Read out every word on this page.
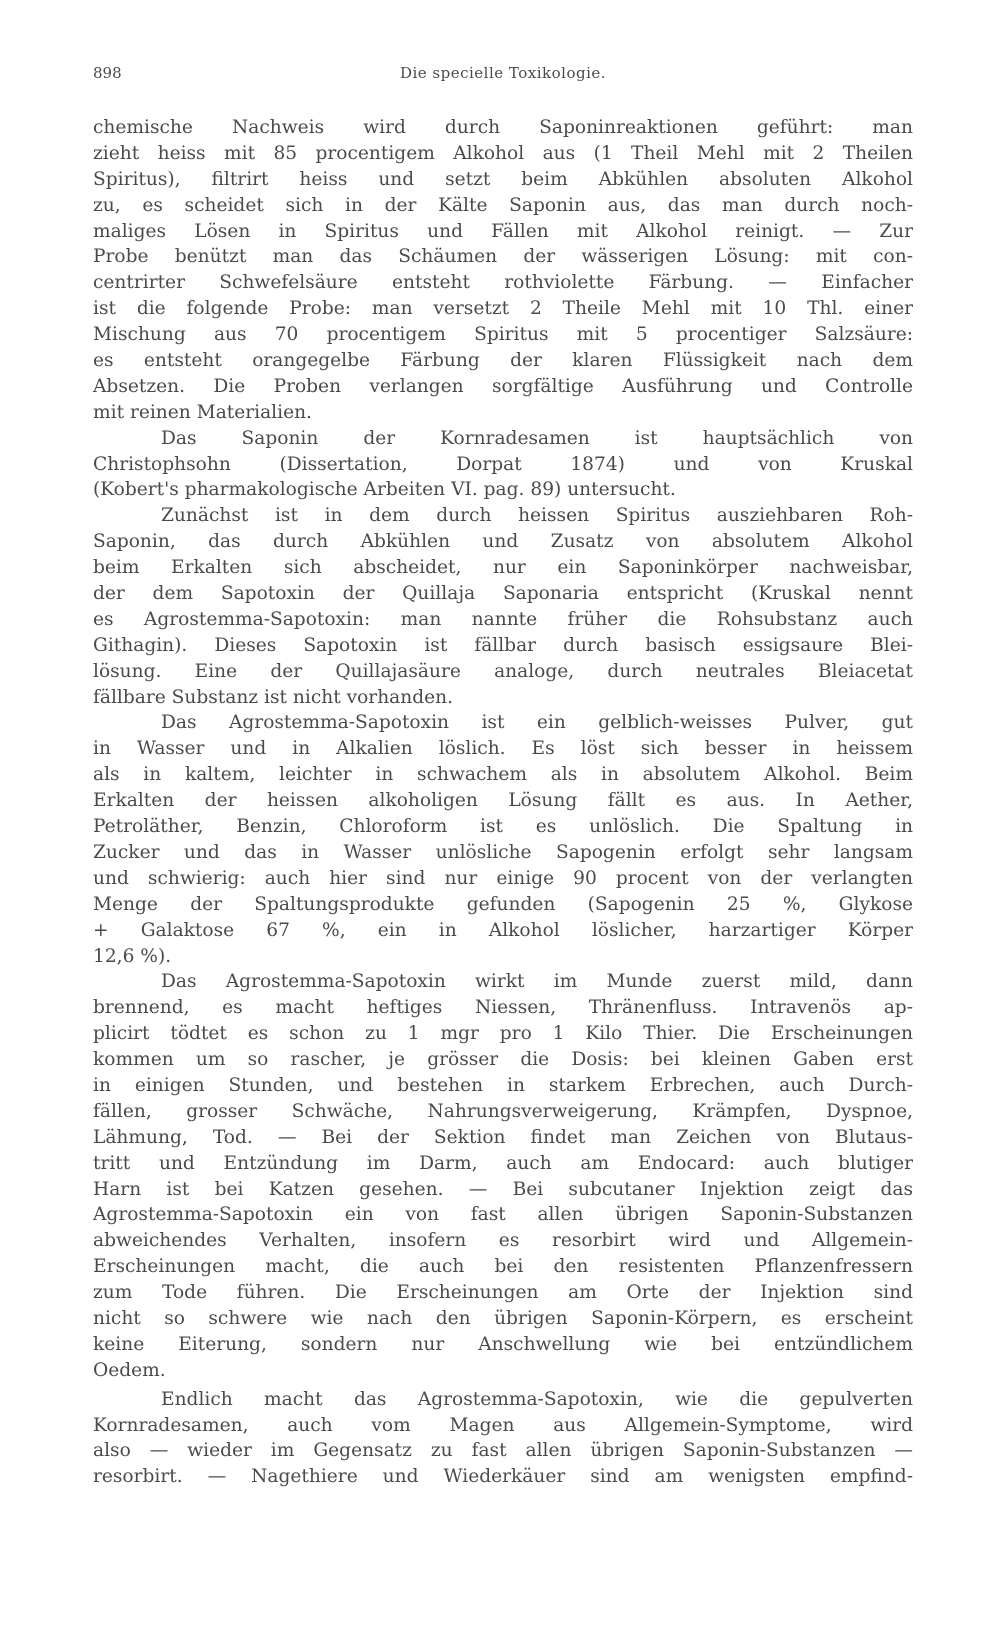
898	Die specielle Toxikologie.
chemische Nachweis wird durch Saponinreaktionen geführt: man
zieht heiss mit 85 procentigem Alkohol aus (1 Theil Mehl mit 2 Theilen
Spiritus), filtrirt heiss und setzt beim Abkühlen absoluten Alkohol
zu, es scheidet sich in der Kälte Saponin aus, das man durch noch-
maliges Lösen in Spiritus und Fällen mit Alkohol reinigt. — Zur
Probe benützt man das Schäumen der wässerigen Lösung: mit con-
centrirter Schwefelsäure entsteht rothviolette Färbung. — Einfacher
ist die folgende Probe: man versetzt 2 Theile Mehl mit 10 Thl. einer
Mischung aus 70 procentigem Spiritus mit 5 procentiger Salzsäure:
es entsteht orangegelbe Färbung der klaren Flüssigkeit nach dem
Absetzen. Die Proben verlangen sorgfältige Ausführung und Controlle
mit reinen Materialien.
Das Saponin der Kornradesamen ist hauptsächlich von
Christophsohn (Dissertation, Dorpat 1874) und von Kruskal
(Kobert's pharmakologische Arbeiten VI. pag. 89) untersucht.
Zunächst ist in dem durch heissen Spiritus ausziehbaren Roh-
Saponin, das durch Abkühlen und Zusatz von absolutem Alkohol
beim Erkalten sich abscheidet, nur ein Saponinkörper nachweisbar,
der dem Sapotoxin der Quillaja Saponaria entspricht (Kruskal nennt
es Agrostemma-Sapotoxin: man nannte früher die Rohsubstanz auch
Githagin). Dieses Sapotoxin ist fällbar durch basisch essigsaure Blei-
lösung. Eine der Quillajasäure analoge, durch neutrales Bleiacetat
fällbare Substanz ist nicht vorhanden.
Das Agrostemma-Sapotoxin ist ein gelblich-weisses Pulver, gut
in Wasser und in Alkalien löslich. Es löst sich besser in heissem
als in kaltem, leichter in schwachem als in absolutem Alkohol. Beim
Erkalten der heissen alkoholigen Lösung fällt es aus. In Aether,
Petroläther, Benzin, Chloroform ist es unlöslich. Die Spaltung in
Zucker und das in Wasser unlösliche Sapogenin erfolgt sehr langsam
und schwierig: auch hier sind nur einige 90 procent von der verlangten
Menge der Spaltungsprodukte gefunden (Sapogenin 25 %, Glykose
+ Galaktose 67 %, ein in Alkohol löslicher, harzartiger Körper
12,6 %).
Das Agrostemma-Sapotoxin wirkt im Munde zuerst mild, dann
brennend, es macht heftiges Niessen, Thränenfluss. Intravenös ap-
plicirt tödtet es schon zu 1 mgr pro 1 Kilo Thier. Die Erscheinungen
kommen um so rascher, je grösser die Dosis: bei kleinen Gaben erst
in einigen Stunden, und bestehen in starkem Erbrechen, auch Durch-
fällen, grosser Schwäche, Nahrungsverweigerung, Krämpfen, Dyspnoe,
Lähmung, Tod. — Bei der Sektion findet man Zeichen von Blutaus-
tritt und Entzündung im Darm, auch am Endocard: auch blutiger
Harn ist bei Katzen gesehen. — Bei subcutaner Injektion zeigt das
Agrostemma-Sapotoxin ein von fast allen übrigen Saponin-Substanzen
abweichendes Verhalten, insofern es resorbirt wird und Allgemein-
Erscheinungen macht, die auch bei den resistenten Pflanzenfressern
zum Tode führen. Die Erscheinungen am Orte der Injektion sind
nicht so schwere wie nach den übrigen Saponin-Körpern, es erscheint
keine Eiterung, sondern nur Anschwellung wie bei entzündlichem
Oedem.
Endlich macht das Agrostemma-Sapotoxin, wie die gepulverten
Kornradesamen, auch vom Magen aus Allgemein-Symptome, wird
also — wieder im Gegensatz zu fast allen übrigen Saponin-Substanzen —
resorbirt. — Nagethiere und Wiederkäuer sind am wenigsten empfind-
